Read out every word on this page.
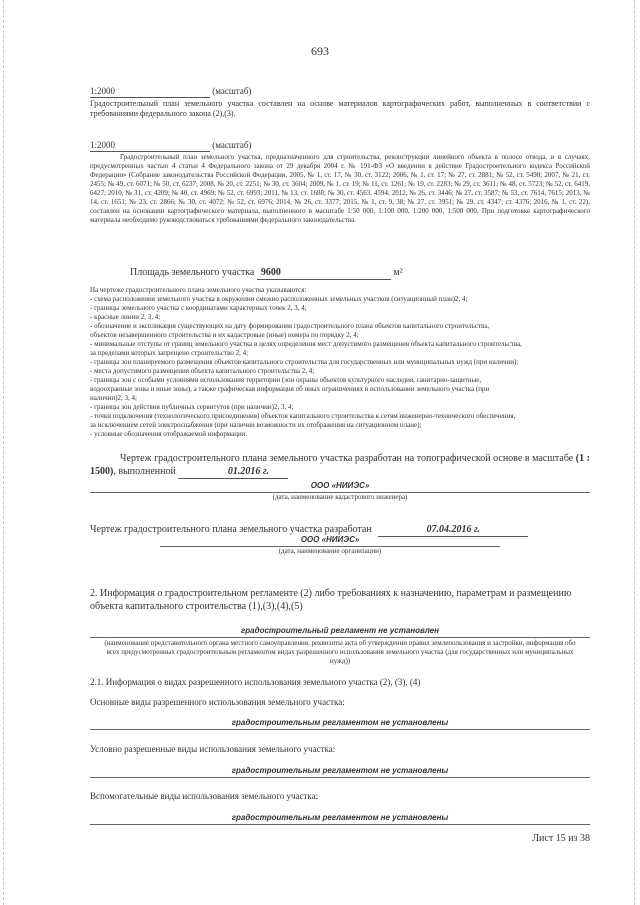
693
1:2000	(масштаб)
Градостроительный план земельного участка составлен на основе материалов картографических работ, выполненных в соответствии с требованиями федерального закона (2),(3).
1:2000	(масштаб)
Градостроительный план земельного участка, предназначенного для строительства, реконструкции линейного объекта в полосе отвода, и в случаях, предусмотренных частью 4 статьи 4 Федерального закона от 29 декабря 2004 г. № 191-ФЗ «О введении в действие Градостроительного кодекса Российской Федерации» (Собрание законодательства Российской Федерации, 2005, № 1, ст. 17, № 30, ст. 3122; 2006, № 1, ст. 17; № 27, ст. 2881; № 52, ст. 5498; 2007, № 21, ст. 2455; № 49, ст. 6071; № 50, ст. 6237; 2008, № 20, ст. 2251; № 30, ст. 3604; 2009, № 1, ст. 19; № 11, ст. 1261; № 19, ст. 2283; № 29, ст. 3611; № 48, ст. 5723; № 52, ст. 6419, 6427; 2010, № 31, ст. 4209; № 40, ст. 4969; № 52, ст. 6993; 2011, № 13, ст. 1688; № 30, ст. 4563, 4594; 2012, № 26, ст. 3446; № 27, ст. 3587; № 53, ст. 7614, 7615; 2013, № 14, ст. 1651; № 23, ст. 2866; № 30, ст. 4072; № 52, ст. 6976; 2014, № 26, ст. 3377; 2015, № 1, ст. 9, 38; № 27, ст. 3951; № 29, ст. 4347; ст. 4376; 2016, № 1, ст. 22), составлен на основании картографического материала, выполненного в масштабе 1:50 000, 1:100 000, 1:200 000, 1:500 000. При подготовке картографического материала необходимо руководствоваться требованиями федерального законодательства.
Площадь земельного участка 9600	м²
На чертеже градостроительного плана земельного участка указываются:
- схема расположения земельного участка в окружении смежно расположенных земельных участков (ситуационный план)2, 4;
- границы земельного участка с координатами характерных точек 2, 3, 4;
- красные линии 2, 3, 4;
- обозначение и экспликация существующих на дату формирования градостроительного плана объектов капитального строительства,
объектов незавершенного строительства и их кадастровые (иные) номера по порядку 2, 4;
- минимальные отступы от границ земельного участка в целях определения мест допустимого размещения объекта капитального строительства,
за пределами которых запрещено строительство 2, 4;
- границы зон планируемого размещения объектов капитального строительства для государственных или муниципальных нужд (при наличии);
- места допустимого размещения объекта капитального строительства 2, 4;
- границы зон с особыми условиями использования территории (зон охраны объектов культурного наследия, санитарно-защитные,
водоохранные зоны и иные зоны), а также графическая информация об иных ограничениях в использовании земельного участка (при
наличии)2, 3, 4;
- границы зон действия публичных сервитутов (при наличии)2, 3, 4;
- точки подключения (технологического присоединения) объектов капитального строительства к сетям инженерно-технического обеспечения,
за исключением сетей электроснабжения (при наличии возможности их отображения на ситуационном плане);
- условные обозначения отображаемой информации.
Чертеж градостроительного плана земельного участка разработан на топографической основе в масштабе (1 : 1500), выполненной	01.2016 г.
ООО «НИИЭС»
(дата, наименование кадастрового инженера)
Чертеж градостроительного плана земельного участка разработан	07.04.2016 г.
ООО «НИИЭС»
(дата, наименование организации)
2. Информация о градостроительном регламенте (2) либо требованиях к назначению, параметрам и размещению объекта капитального строительства (1),(3),(4),(5)
градостроительный регламент не установлен
(наименование представительного органа местного самоуправления, реквизиты акта об утверждении правил землепользования и застройки, информация обо всех предусмотренных градостроительным регламентом видах разрешенного использования земельного участка (для государственных или муниципальных нужд))
2.1. Информация о видах разрешенного использования земельного участка (2), (3), (4)
Основные виды разрешенного использования земельного участка:
градостроительным регламентом не установлены
Условно разрешенные виды использования земельного участка:
градостроительным регламентом не установлены
Вспомогательные виды использования земельного участка:
градостроительным регламентом не установлены
Лист 15 из 38
